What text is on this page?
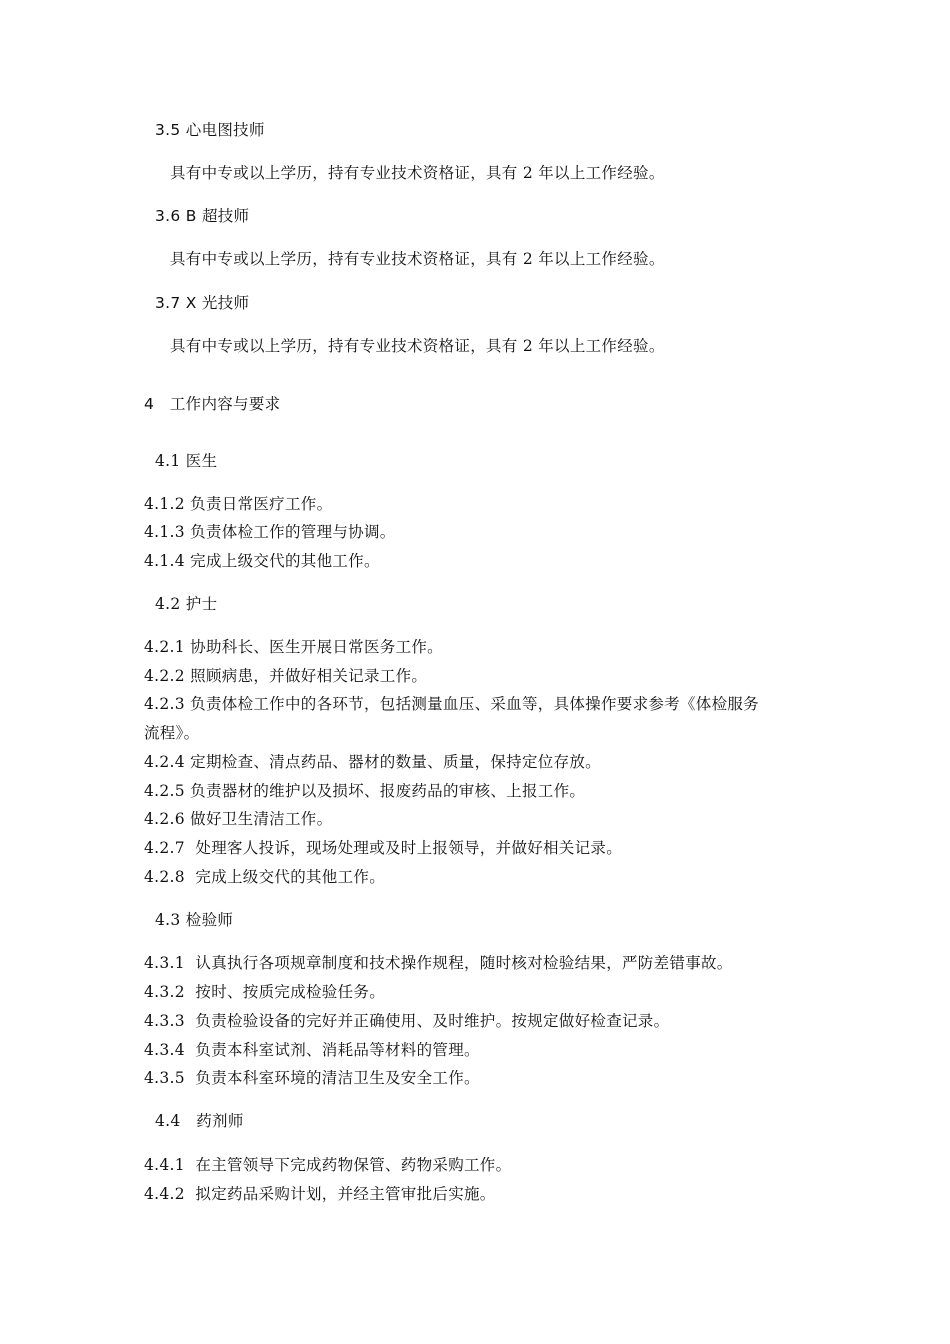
3.5 心电图技师
具有中专或以上学历，持有专业技术资格证，具有 2 年以上工作经验。
3.6 B 超技师
具有中专或以上学历，持有专业技术资格证，具有 2 年以上工作经验。
3.7 X 光技师
具有中专或以上学历，持有专业技术资格证，具有 2 年以上工作经验。
4   工作内容与要求
4.1 医生
4.1.2 负责日常医疗工作。
4.1.3 负责体检工作的管理与协调。
4.1.4 完成上级交代的其他工作。
4.2 护士
4.2.1 协助科长、医生开展日常医务工作。
4.2.2 照顾病患，并做好相关记录工作。
4.2.3 负责体检工作中的各环节，包括测量血压、采血等，具体操作要求参考《体检服务
流程》。
4.2.4 定期检查、清点药品、器材的数量、质量，保持定位存放。
4.2.5 负责器材的维护以及损坏、报废药品的审核、上报工作。
4.2.6 做好卫生清洁工作。
4.2.7  处理客人投诉，现场处理或及时上报领导，并做好相关记录。
4.2.8  完成上级交代的其他工作。
4.3 检验师
4.3.1  认真执行各项规章制度和技术操作规程，随时核对检验结果，严防差错事故。
4.3.2  按时、按质完成检验任务。
4.3.3  负责检验设备的完好并正确使用、及时维护。按规定做好检查记录。
4.3.4  负责本科室试剂、消耗品等材料的管理。
4.3.5  负责本科室环境的清洁卫生及安全工作。
4.4   药剂师
4.4.1  在主管领导下完成药物保管、药物采购工作。
4.4.2  拟定药品采购计划，并经主管审批后实施。
